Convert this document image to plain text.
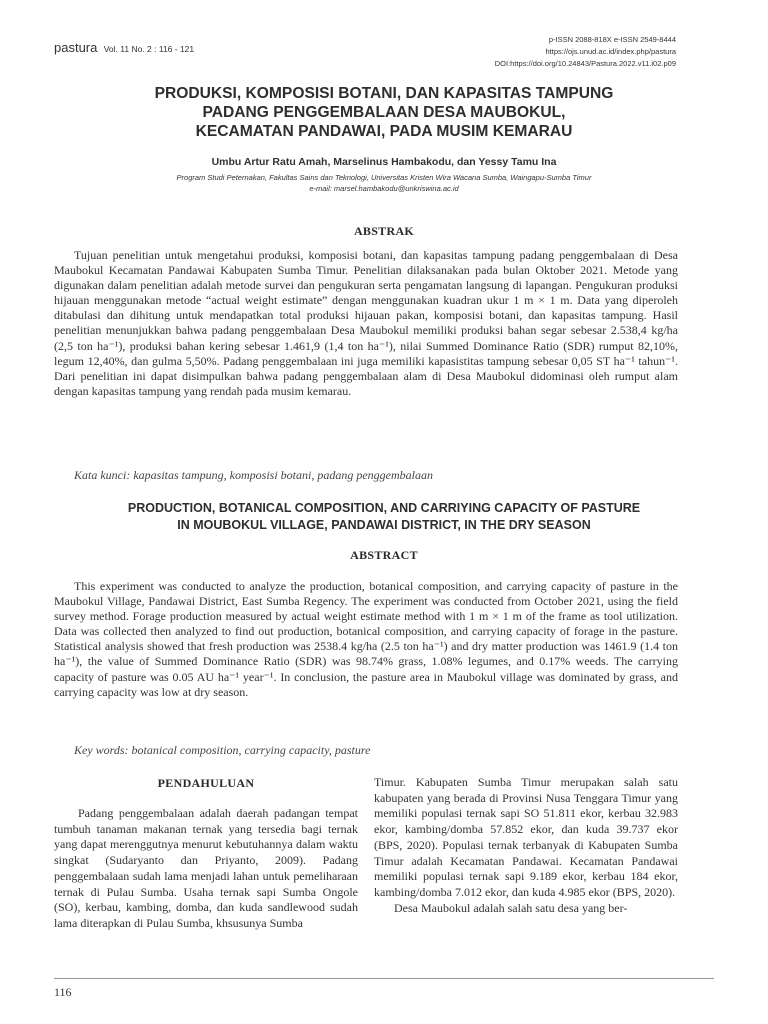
pastura Vol. 11 No. 2 : 116 - 121
p-ISSN 2088-818X e-ISSN 2549-8444
https://ojs.unud.ac.id/index.php/pastura
DOI:https://doi.org/10.24843/Pastura.2022.v11.i02.p09
PRODUKSI, KOMPOSISI BOTANI, DAN KAPASITAS TAMPUNG
PADANG PENGGEMBALAAN DESA MAUBOKUL,
KECAMATAN PANDAWAI, PADA MUSIM KEMARAU
Umbu Artur Ratu Amah, Marselinus Hambakodu, dan Yessy Tamu Ina
Program Studi Peternakan, Fakultas Sains dan Teknologi, Universitas Kristen Wira Wacana Sumba, Waingapu-Sumba Timur
e-mail: marsel.hambakodu@unkriswina.ac.id
ABSTRAK
Tujuan penelitian untuk mengetahui produksi, komposisi botani, dan kapasitas tampung padang penggembalaan di Desa Maubokul Kecamatan Pandawai Kabupaten Sumba Timur. Penelitian dilaksanakan pada bulan Oktober 2021. Metode yang digunakan dalam penelitian adalah metode survei dan pengukuran serta pengamatan langsung di lapangan. Pengukuran produksi hijauan menggunakan metode “actual weight estimate” dengan menggunakan kuadran ukur 1 m × 1 m. Data yang diperoleh ditabulasi dan dihitung untuk mendapatkan total produksi hijauan pakan, komposisi botani, dan kapasitas tampung. Hasil penelitian menunjukkan bahwa padang penggembalaan Desa Maubokul memiliki produksi bahan segar sebesar 2.538,4 kg/ha (2,5 ton ha⁻¹), produksi bahan kering sebesar 1.461,9 (1,4 ton ha⁻¹), nilai Summed Dominance Ratio (SDR) rumput 82,10%, legum 12,40%, dan gulma 5,50%. Padang penggembalaan ini juga memiliki kapasistitas tampung sebesar 0,05 ST ha⁻¹ tahun⁻¹. Dari penelitian ini dapat disimpulkan bahwa padang penggembalaan alam di Desa Maubokul didominasi oleh rumput alam dengan kapasitas tampung yang rendah pada musim kemarau.
Kata kunci: kapasitas tampung, komposisi botani, padang penggembalaan
PRODUCTION, BOTANICAL COMPOSITION, AND CARRIYING CAPACITY OF PASTURE
IN MOUBOKUL VILLAGE, PANDAWAI DISTRICT, IN THE DRY SEASON
ABSTRACT
This experiment was conducted to analyze the production, botanical composition, and carrying capacity of pasture in the Maubokul Village, Pandawai District, East Sumba Regency. The experiment was conducted from October 2021, using the field survey method. Forage production measured by actual weight estimate method with 1 m × 1 m of the frame as tool utilization. Data was collected then analyzed to find out production, botanical composition, and carrying capacity of forage in the pasture. Statistical analysis showed that fresh production was 2538.4 kg/ha (2.5 ton ha⁻¹) and dry matter production was 1461.9 (1.4 ton ha⁻¹), the value of Summed Dominance Ratio (SDR) was 98.74% grass, 1.08% legumes, and 0.17% weeds. The carrying capacity of pasture was 0.05 AU ha⁻¹ year⁻¹. In conclusion, the pasture area in Maubokul village was dominated by grass, and carrying capacity was low at dry season.
Key words: botanical composition, carrying capacity, pasture
PENDAHULUAN

Padang penggembalaan adalah daerah padangan tempat tumbuh tanaman makanan ternak yang tersedia bagi ternak yang dapat merenggutnya menurut kebutuhannya dalam waktu singkat (Sudaryanto dan Priyanto, 2009). Padang penggembalaan sudah lama menjadi lahan untuk pemeliharaan ternak di Pulau Sumba. Usaha ternak sapi Sumba Ongole (SO), kerbau, kambing, domba, dan kuda sandlewood sudah lama diterapkan di Pulau Sumba, khsusunya Sumba

Timur. Kabupaten Sumba Timur merupakan salah satu kabupaten yang berada di Provinsi Nusa Tenggara Timur yang memiliki populasi ternak sapi SO 51.811 ekor, kerbau 32.983 ekor, kambing/domba 57.852 ekor, dan kuda 39.737 ekor (BPS, 2020). Populasi ternak terbanyak di Kabupaten Sumba Timur adalah Kecamatan Pandawai. Kecamatan Pandawai memiliki populasi ternak sapi 9.189 ekor, kerbau 184 ekor, kambing/domba 7.012 ekor, dan kuda 4.985 ekor (BPS, 2020).

Desa Maubokul adalah salah satu desa yang ber-

116
